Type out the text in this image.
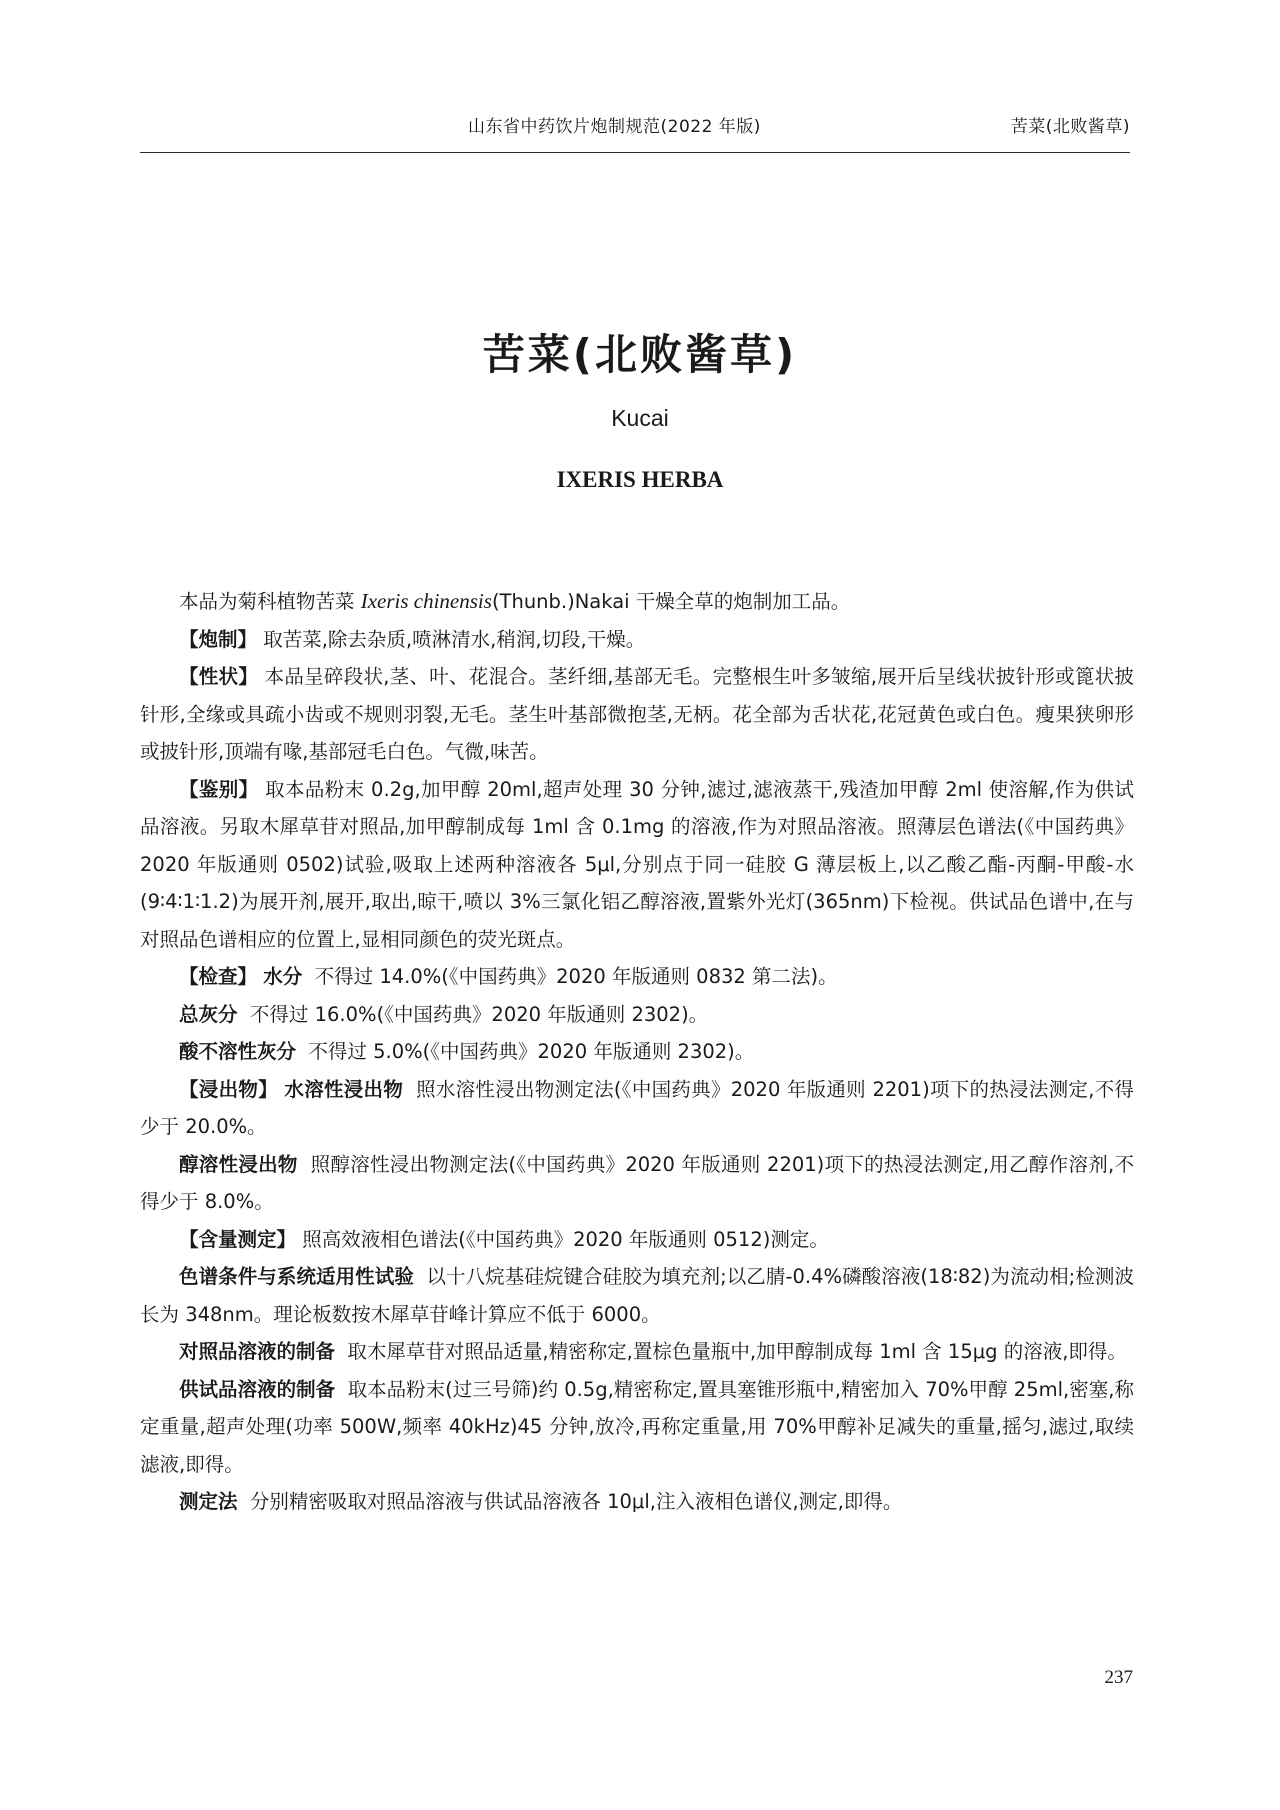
山东省中药饮片炮制规范(2022 年版)	苦菜(北败酱草)
苦菜(北败酱草)
Kucai
IXERIS HERBA

本品为菊科植物苦菜 Ixeris chinensis(Thunb.)Nakai 干燥全草的炮制加工品。

【炮制】 取苦菜,除去杂质,喷淋清水,稍润,切段,干燥。

【性状】 本品呈碎段状,茎、叶、花混合。茎纤细,基部无毛。完整根生叶多皱缩,展开后呈线状披针形或篦状披针形,全缘或具疏小齿或不规则羽裂,无毛。茎生叶基部微抱茎,无柄。花全部为舌状花,花冠黄色或白色。瘦果狭卵形或披针形,顶端有喙,基部冠毛白色。气微,味苦。

【鉴别】 取本品粉末 0.2g,加甲醇 20ml,超声处理 30 分钟,滤过,滤液蒸干,残渣加甲醇 2ml 使溶解,作为供试品溶液。另取木犀草苷对照品,加甲醇制成每 1ml 含 0.1mg 的溶液,作为对照品溶液。照薄层色谱法(《中国药典》2020 年版通则 0502)试验,吸取上述两种溶液各 5μl,分别点于同一硅胶 G 薄层板上,以乙酸乙酯-丙酮-甲酸-水(9∶4∶1∶1.2)为展开剂,展开,取出,晾干,喷以 3%三氯化铝乙醇溶液,置紫外光灯(365nm)下检视。供试品色谱中,在与对照品色谱相应的位置上,显相同颜色的荧光斑点。

【检查】 水分 不得过 14.0%(《中国药典》2020 年版通则 0832 第二法)。

总灰分 不得过 16.0%(《中国药典》2020 年版通则 2302)。

酸不溶性灰分 不得过 5.0%(《中国药典》2020 年版通则 2302)。

【浸出物】 水溶性浸出物 照水溶性浸出物测定法(《中国药典》2020 年版通则 2201)项下的热浸法测定,不得少于 20.0%。

醇溶性浸出物 照醇溶性浸出物测定法(《中国药典》2020 年版通则 2201)项下的热浸法测定,用乙醇作溶剂,不得少于 8.0%。

【含量测定】 照高效液相色谱法(《中国药典》2020 年版通则 0512)测定。

色谱条件与系统适用性试验 以十八烷基硅烷键合硅胶为填充剂;以乙腈-0.4%磷酸溶液(18∶82)为流动相;检测波长为 348nm。理论板数按木犀草苷峰计算应不低于 6000。

对照品溶液的制备 取木犀草苷对照品适量,精密称定,置棕色量瓶中,加甲醇制成每 1ml 含 15μg 的溶液,即得。

供试品溶液的制备 取本品粉末(过三号筛)约 0.5g,精密称定,置具塞锥形瓶中,精密加入 70%甲醇 25ml,密塞,称定重量,超声处理(功率 500W,频率 40kHz)45 分钟,放冷,再称定重量,用 70%甲醇补足减失的重量,摇匀,滤过,取续滤液,即得。

测定法 分别精密吸取对照品溶液与供试品溶液各 10μl,注入液相色谱仪,测定,即得。

237
